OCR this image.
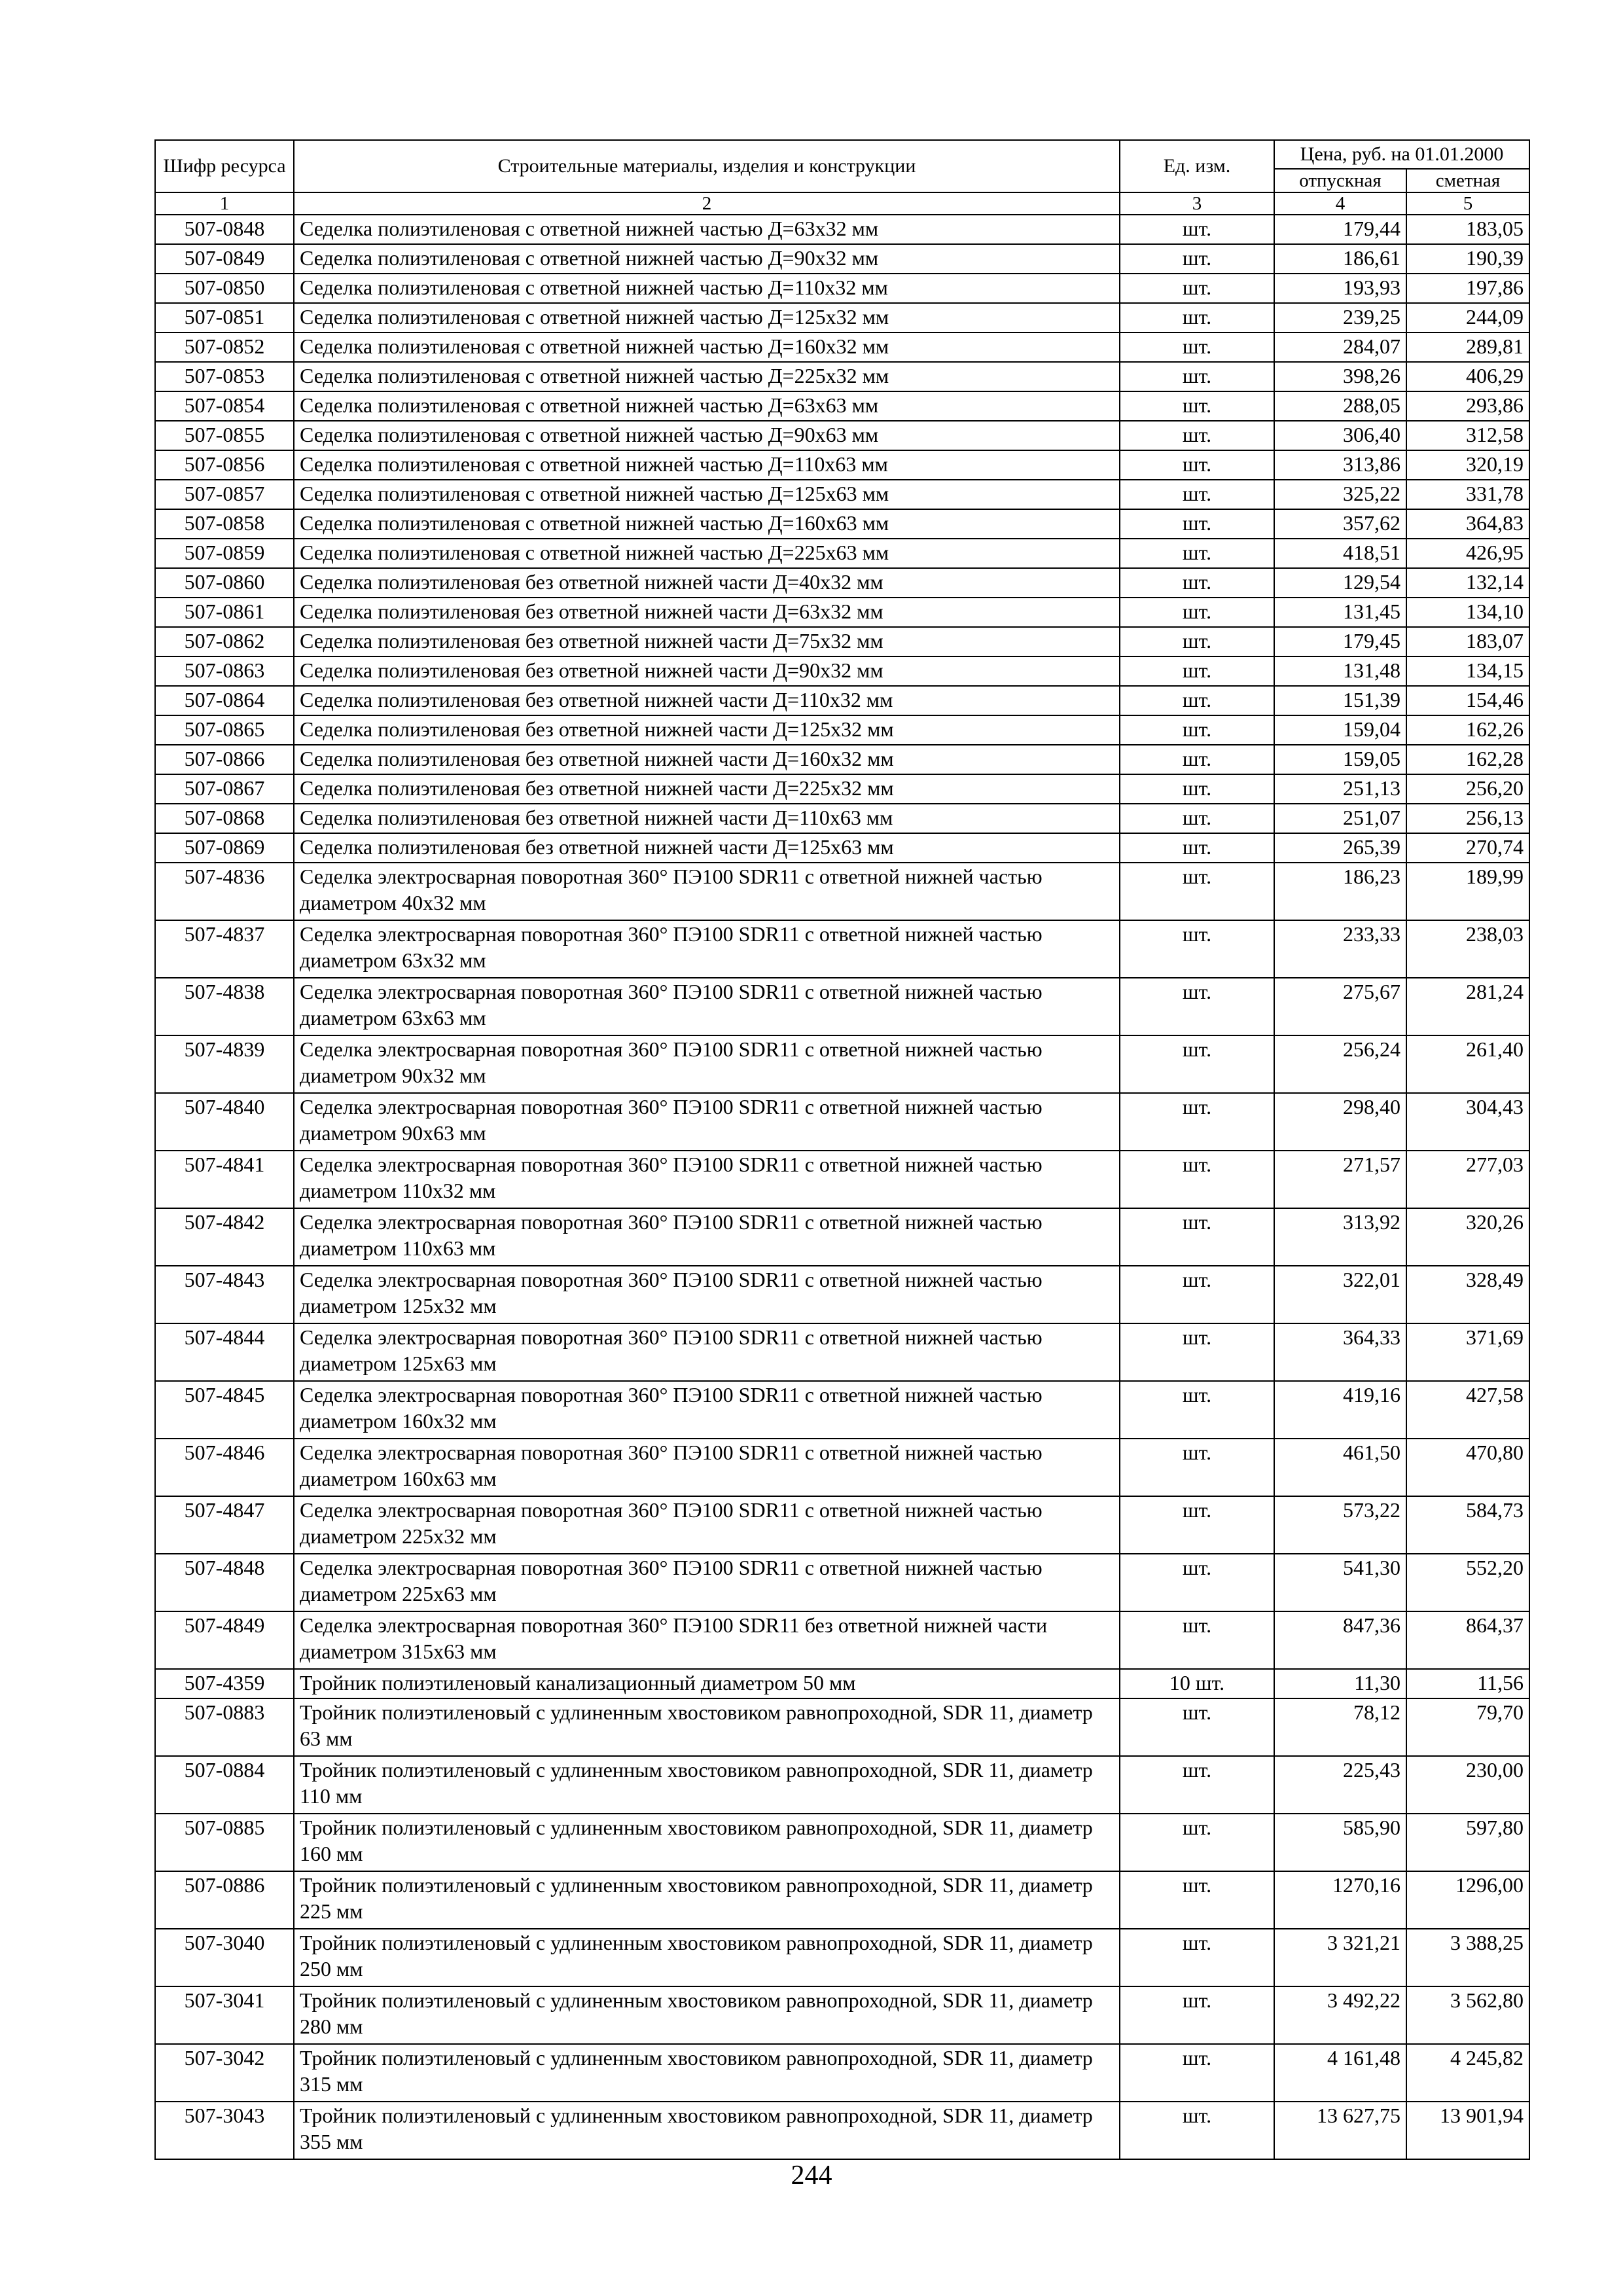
Шифр ресурса	Строительные материалы, изделия и конструкции	Ед. изм.	Цена, руб. на 01.01.2000	
			отпускная	сметная
1	2	3	4	5
507-0848	Седелка полиэтиленовая с ответной нижней частью Д=63х32 мм	шт.	179,44	183,05
507-0849	Седелка полиэтиленовая с ответной нижней частью Д=90х32 мм	шт.	186,61	190,39
507-0850	Седелка полиэтиленовая с ответной нижней частью Д=110х32 мм	шт.	193,93	197,86
507-0851	Седелка полиэтиленовая с ответной нижней частью Д=125х32 мм	шт.	239,25	244,09
507-0852	Седелка полиэтиленовая с ответной нижней частью Д=160х32 мм	шт.	284,07	289,81
507-0853	Седелка полиэтиленовая с ответной нижней частью Д=225х32 мм	шт.	398,26	406,29
507-0854	Седелка полиэтиленовая с ответной нижней частью Д=63х63 мм	шт.	288,05	293,86
507-0855	Седелка полиэтиленовая с ответной нижней частью Д=90х63 мм	шт.	306,40	312,58
507-0856	Седелка полиэтиленовая с ответной нижней частью Д=110х63 мм	шт.	313,86	320,19
507-0857	Седелка полиэтиленовая с ответной нижней частью Д=125х63 мм	шт.	325,22	331,78
507-0858	Седелка полиэтиленовая с ответной нижней частью Д=160х63 мм	шт.	357,62	364,83
507-0859	Седелка полиэтиленовая с ответной нижней частью Д=225х63 мм	шт.	418,51	426,95
507-0860	Седелка полиэтиленовая без ответной нижней части Д=40х32 мм	шт.	129,54	132,14
507-0861	Седелка полиэтиленовая без ответной нижней части Д=63х32 мм	шт.	131,45	134,10
507-0862	Седелка полиэтиленовая без ответной нижней части Д=75х32 мм	шт.	179,45	183,07
507-0863	Седелка полиэтиленовая без ответной нижней части Д=90х32 мм	шт.	131,48	134,15
507-0864	Седелка полиэтиленовая без ответной нижней части Д=110х32 мм	шт.	151,39	154,46
507-0865	Седелка полиэтиленовая без ответной нижней части Д=125х32 мм	шт.	159,04	162,26
507-0866	Седелка полиэтиленовая без ответной нижней части Д=160х32 мм	шт.	159,05	162,28
507-0867	Седелка полиэтиленовая без ответной нижней части Д=225х32 мм	шт.	251,13	256,20
507-0868	Седелка полиэтиленовая без ответной нижней части Д=110х63 мм	шт.	251,07	256,13
507-0869	Седелка полиэтиленовая без ответной нижней части Д=125х63 мм	шт.	265,39	270,74
507-4836	Седелка электросварная поворотная 360° ПЭ100 SDR11 с ответной нижней частью диаметром 40х32 мм	шт.	186,23	189,99
507-4837	Седелка электросварная поворотная 360° ПЭ100 SDR11 с ответной нижней частью диаметром 63х32 мм	шт.	233,33	238,03
507-4838	Седелка электросварная поворотная 360° ПЭ100 SDR11 с ответной нижней частью диаметром 63х63 мм	шт.	275,67	281,24
507-4839	Седелка электросварная поворотная 360° ПЭ100 SDR11 с ответной нижней частью диаметром 90х32 мм	шт.	256,24	261,40
507-4840	Седелка электросварная поворотная 360° ПЭ100 SDR11 с ответной нижней частью диаметром 90х63 мм	шт.	298,40	304,43
507-4841	Седелка электросварная поворотная 360° ПЭ100 SDR11 с ответной нижней частью диаметром 110х32 мм	шт.	271,57	277,03
507-4842	Седелка электросварная поворотная 360° ПЭ100 SDR11 с ответной нижней частью диаметром 110х63 мм	шт.	313,92	320,26
507-4843	Седелка электросварная поворотная 360° ПЭ100 SDR11 с ответной нижней частью диаметром 125х32 мм	шт.	322,01	328,49
507-4844	Седелка электросварная поворотная 360° ПЭ100 SDR11 с ответной нижней частью диаметром 125х63 мм	шт.	364,33	371,69
507-4845	Седелка электросварная поворотная 360° ПЭ100 SDR11 с ответной нижней частью диаметром 160х32 мм	шт.	419,16	427,58
507-4846	Седелка электросварная поворотная 360° ПЭ100 SDR11 с ответной нижней частью диаметром 160х63 мм	шт.	461,50	470,80
507-4847	Седелка электросварная поворотная 360° ПЭ100 SDR11 с ответной нижней частью диаметром 225х32 мм	шт.	573,22	584,73
507-4848	Седелка электросварная поворотная 360° ПЭ100 SDR11 с ответной нижней частью диаметром 225х63 мм	шт.	541,30	552,20
507-4849	Седелка электросварная поворотная 360° ПЭ100 SDR11 без ответной нижней части диаметром 315х63 мм	шт.	847,36	864,37
507-4359	Тройник полиэтиленовый канализационный диаметром 50 мм	10 шт.	11,30	11,56
507-0883	Тройник полиэтиленовый с удлиненным хвостовиком равнопроходной, SDR 11, диаметр 63 мм	шт.	78,12	79,70
507-0884	Тройник полиэтиленовый с удлиненным хвостовиком равнопроходной, SDR 11, диаметр 110 мм	шт.	225,43	230,00
507-0885	Тройник полиэтиленовый с удлиненным хвостовиком равнопроходной, SDR 11, диаметр 160 мм	шт.	585,90	597,80
507-0886	Тройник полиэтиленовый с удлиненным хвостовиком равнопроходной, SDR 11, диаметр 225 мм	шт.	1270,16	1296,00
507-3040	Тройник полиэтиленовый с удлиненным хвостовиком равнопроходной, SDR 11, диаметр 250 мм	шт.	3 321,21	3 388,25
507-3041	Тройник полиэтиленовый с удлиненным хвостовиком равнопроходной, SDR 11, диаметр 280 мм	шт.	3 492,22	3 562,80
507-3042	Тройник полиэтиленовый с удлиненным хвостовиком равнопроходной, SDR 11, диаметр 315 мм	шт.	4 161,48	4 245,82
507-3043	Тройник полиэтиленовый с удлиненным хвостовиком равнопроходной, SDR 11, диаметр 355 мм	шт.	13 627,75	13 901,94
244
